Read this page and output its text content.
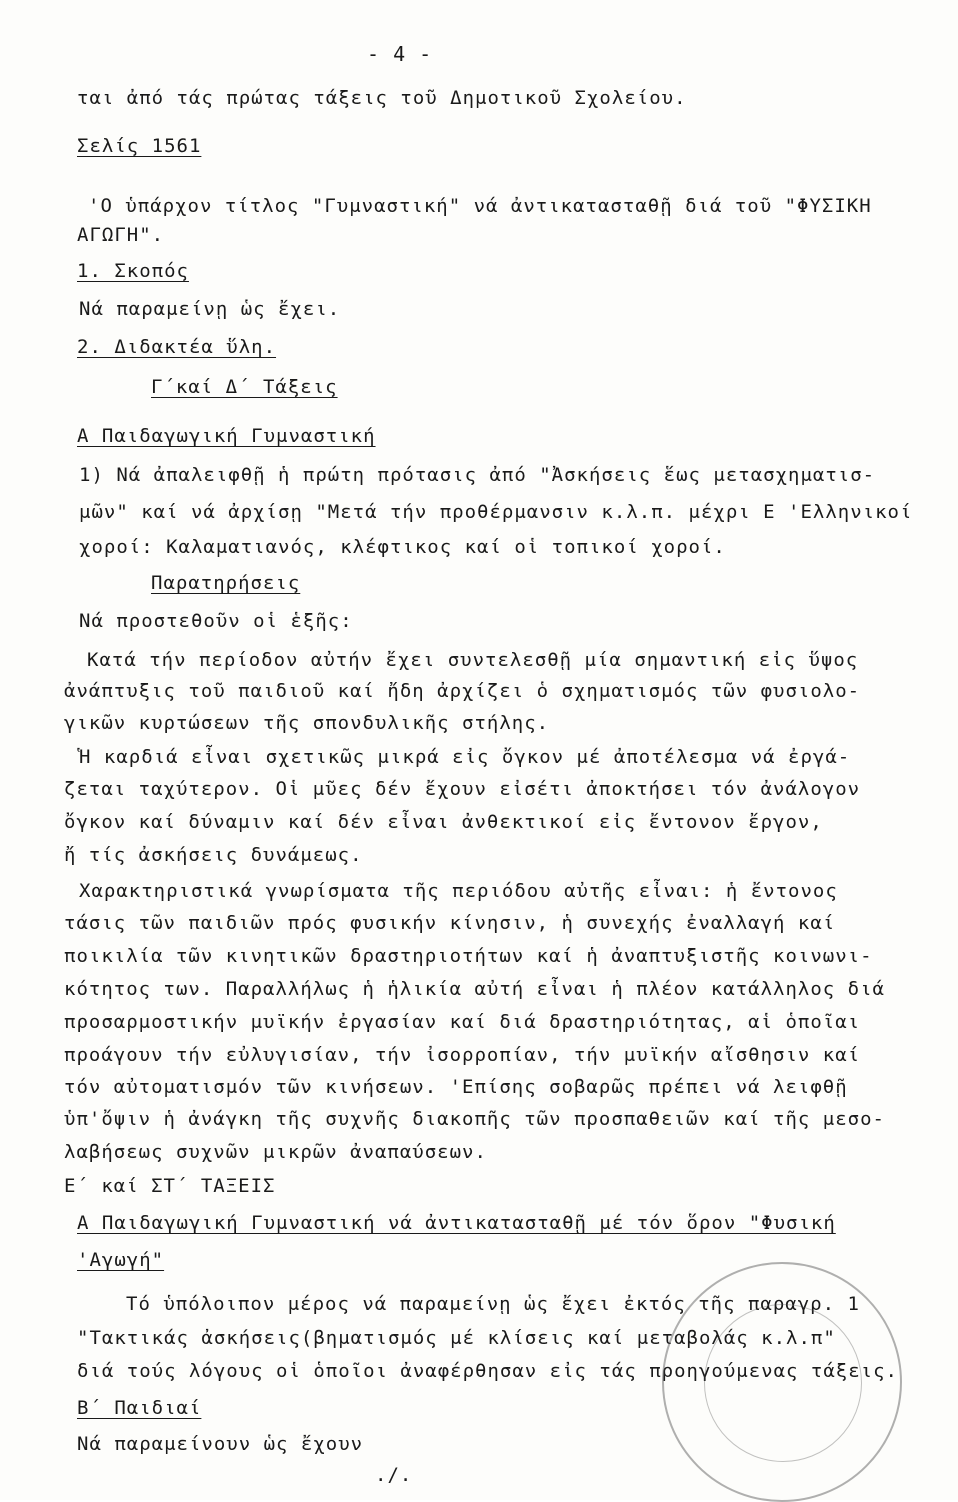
- 4 -
ται ἀπό τάς πρώτας τάξεις τοῦ Δημοτικοῦ Σχολείου.
Σελίς 1561
'Ο ὑπάρχον τίτλος "Γυμναστική" νά ἀντικατασταθῇ διά τοῦ "ΦΥΣΙΚΗ
ΑΓΩΓΗ".
1. Σκοπός
Νά παραμείνῃ ὡς ἔχει.
2. Διδακτέα ὕλη.
Γ΄καί Δ΄ Τάξεις
Α Παιδαγωγική Γυμναστική
1) Νά ἀπαλειφθῇ ἡ πρώτη πρότασις ἀπό "Ἀσκήσεις ἕως μετασχηματισ-
μῶν" καί νά ἀρχίσῃ "Μετά τήν προθέρμανσιν κ.λ.π. μέχρι Ε 'Ελληνικοί
χοροί: Καλαματιανός, κλέφτικος καί οἱ τοπικοί χοροί.
Παρατηρήσεις
Νά προστεθοῦν οἱ ἑξῆς:
Κατά τήν περίοδον αὐτήν ἔχει συντελεσθῇ μία σημαντική εἰς ὕψος
ἀνάπτυξις τοῦ παιδιοῦ καί ἤδη ἀρχίζει ὁ σχηματισμός τῶν φυσιολο-
γικῶν κυρτώσεων τῆς σπονδυλικῆς στήλης.
Ἡ καρδιά εἶναι σχετικῶς μικρά εἰς ὄγκον μέ ἀποτέλεσμα νά ἐργά-
ζεται ταχύτερον. Οἱ μῦες δέν ἔχουν εἰσέτι ἀποκτήσει τόν ἀνάλογον
ὄγκον καί δύναμιν καί δέν εἶναι ἀνθεκτικοί εἰς ἔντονον ἔργον,
ἤ τίς ἀσκήσεις δυνάμεως.
Χαρακτηριστικά γνωρίσματα τῆς περιόδου αὐτῆς εἶναι: ἡ ἔντονος
τάσις τῶν παιδιῶν πρός φυσικήν κίνησιν, ἡ συνεχής ἐναλλαγή καί
ποικιλία τῶν κινητικῶν δραστηριοτήτων καί ἡ ἀναπτυξιστῆς κοινωνι-
κότητος των. Παραλλήλως ἡ ἡλικία αὐτή εἶναι ἡ πλέον κατάλληλος διά
προσαρμοστικήν μυϊκήν ἐργασίαν καί διά δραστηριότητας, αἱ ὁποῖαι
προάγουν τήν εὐλυγισίαν, τήν ἰσορροπίαν, τήν μυϊκήν αἴσθησιν καί
τόν αὐτοματισμόν τῶν κινήσεων. 'Επίσης σοβαρῶς πρέπει νά λειφθῇ
ὑπ'ὄψιν ἡ ἀνάγκη τῆς συχνῆς διακοπῆς τῶν προσπαθειῶν καί τῆς μεσο-
λαβήσεως συχνῶν μικρῶν ἀναπαύσεων.
Ε΄ καί ΣΤ΄ ΤΑΞΕΙΣ
Α Παιδαγωγική Γυμναστική νά ἀντικατασταθῇ μέ τόν ὅρον "Φυσική
'Αγωγή"
Τό ὑπόλοιπον μέρος νά παραμείνῃ ὡς ἔχει ἐκτός τῆς παραγρ. 1
"Τακτικάς ἀσκήσεις(βηματισμός μέ κλίσεις καί μεταβολάς κ.λ.π"
διά τούς λόγους οἱ ὁποῖοι ἀναφέρθησαν εἰς τάς προηγούμενας τάξεις.
Β΄ Παιδιαί
Νά παραμείνουν ὡς ἔχουν
./.
